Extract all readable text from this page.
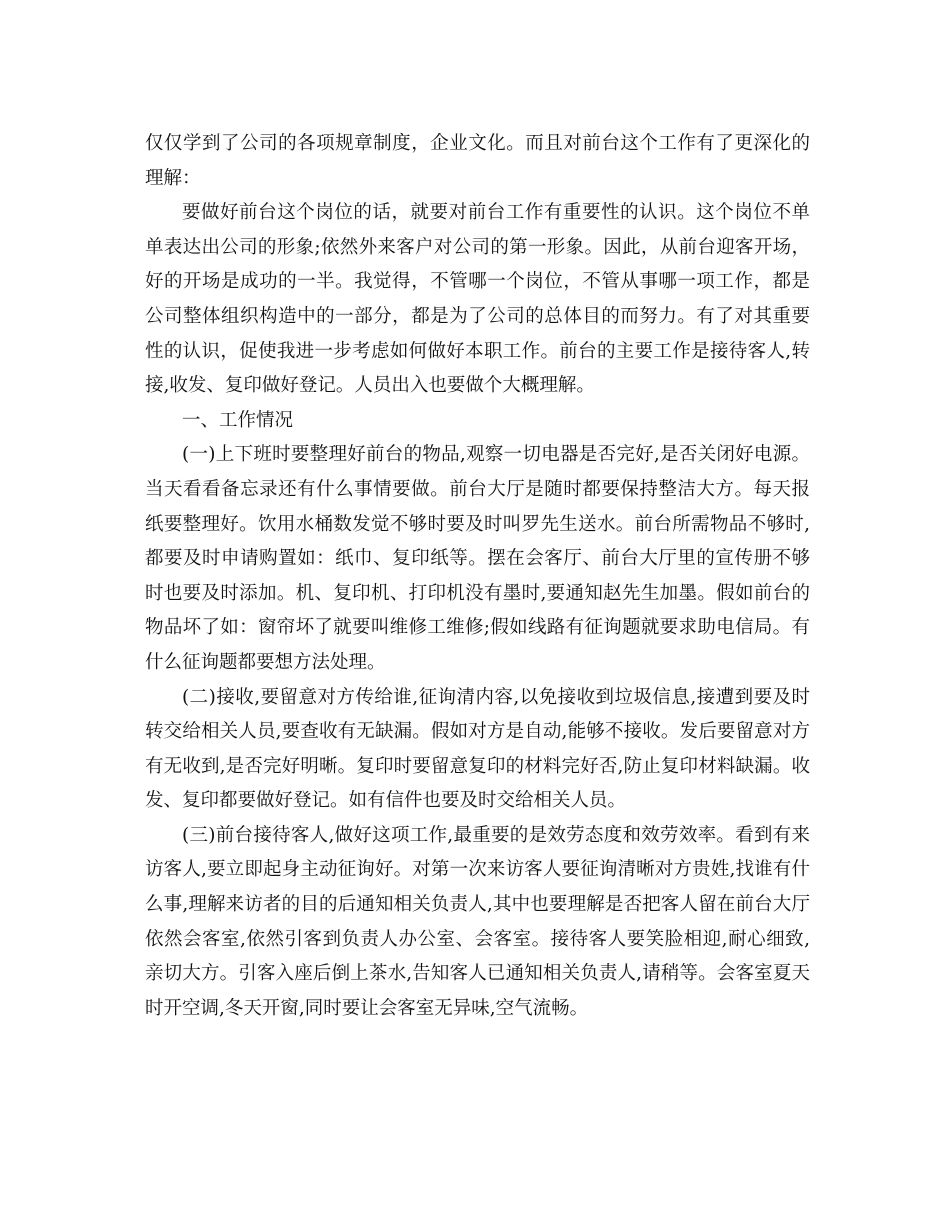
仅仅学到了公司的各项规章制度，企业文化。而且对前台这个工作有了更深化的理解：

要做好前台这个岗位的话，就要对前台工作有重要性的认识。这个岗位不单单表达出公司的形象;依然外来客户对公司的第一形象。因此，从前台迎客开场，好的开场是成功的一半。我觉得，不管哪一个岗位，不管从事哪一项工作，都是公司整体组织构造中的一部分，都是为了公司的总体目的而努力。有了对其重要性的认识，促使我进一步考虑如何做好本职工作。前台的主要工作是接待客人,转接,收发、复印做好登记。人员出入也要做个大概理解。

一、工作情况

(一)上下班时要整理好前台的物品,观察一切电器是否完好,是否关闭好电源。当天看看备忘录还有什么事情要做。前台大厅是随时都要保持整洁大方。每天报纸要整理好。饮用水桶数发觉不够时要及时叫罗先生送水。前台所需物品不够时,都要及时申请购置如：纸巾、复印纸等。摆在会客厅、前台大厅里的宣传册不够时也要及时添加。机、复印机、打印机没有墨时,要通知赵先生加墨。假如前台的物品坏了如：窗帘坏了就要叫维修工维修;假如线路有征询题就要求助电信局。有什么征询题都要想方法处理。

(二)接收,要留意对方传给谁,征询清内容,以免接收到垃圾信息,接遭到要及时转交给相关人员,要查收有无缺漏。假如对方是自动,能够不接收。发后要留意对方有无收到,是否完好明晰。复印时要留意复印的材料完好否,防止复印材料缺漏。收发、复印都要做好登记。如有信件也要及时交给相关人员。

(三)前台接待客人,做好这项工作,最重要的是效劳态度和效劳效率。看到有来访客人,要立即起身主动征询好。对第一次来访客人要征询清晰对方贵姓,找谁有什么事,理解来访者的目的后通知相关负责人,其中也要理解是否把客人留在前台大厅依然会客室,依然引客到负责人办公室、会客室。接待客人要笑脸相迎,耐心细致,亲切大方。引客入座后倒上茶水,告知客人已通知相关负责人,请稍等。会客室夏天时开空调,冬天开窗,同时要让会客室无异味,空气流畅。
